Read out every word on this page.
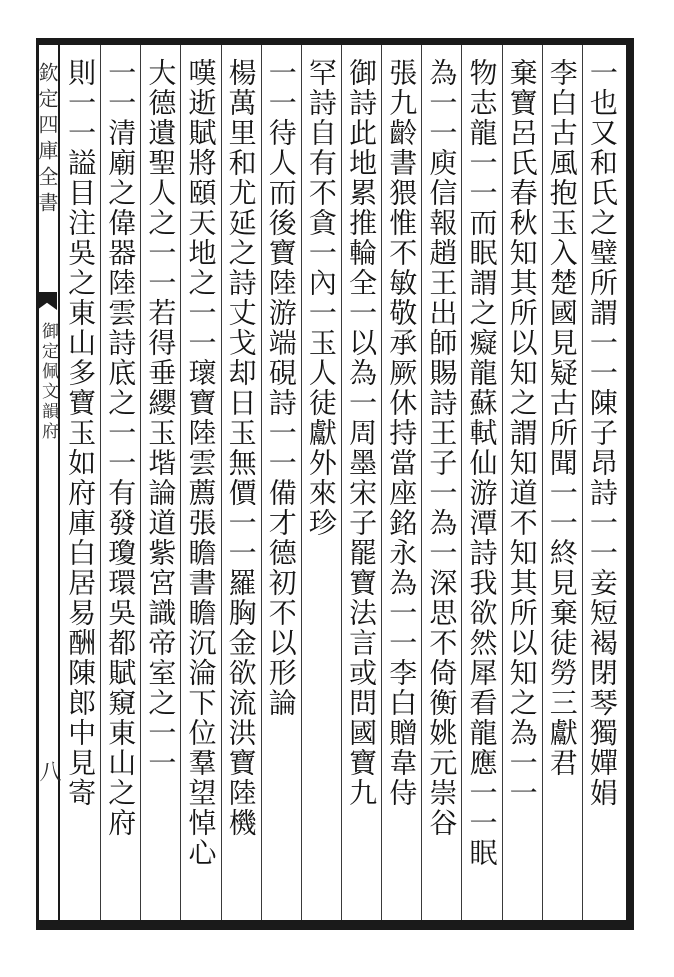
欽定四庫全書
御定佩文韻府
八	一也又和氏之璧所謂一一陳子昂詩一一妾短褐閉琴獨嬋娟
李白古風抱玉入楚國見疑古所聞一一終見棄徒勞三獻君
棄寶呂氏春秋知其所以知之謂知道不知其所以知之為一一
物志龍一一而眠謂之癡龍蘇軾仙游潭詩我欲然犀看龍應一一眠
為一一庾信報趙王出師賜詩王子一為一深思不倚衡姚元崇谷
張九齡書猥惟不敏敬承厥休持當座銘永為一一李白贈韋侍
御詩此地累推輪全一以為一周墨宋子罷寶法言或問國寶九
罕詩自有不貪一內一玉人徒獻外來珍
一一待人而後寶陸游端硯詩一一備才德初不以形論
楊萬里和尤延之詩丈戈却日玉無價一一羅胸金欲流洪寶陸機
嘆逝賦將頤天地之一一瓌寶陸雲薦張瞻書瞻沉淪下位羣望悼心
大德遺聖人之一一若得垂纓玉堦論道紫宮識帝室之一一
一一清廟之偉器陸雲詩底之一一有發瓊環吳都賦窺東山之府
則一一謚目注吳之東山多寶玉如府庫白居易酬陳郎中見寄
